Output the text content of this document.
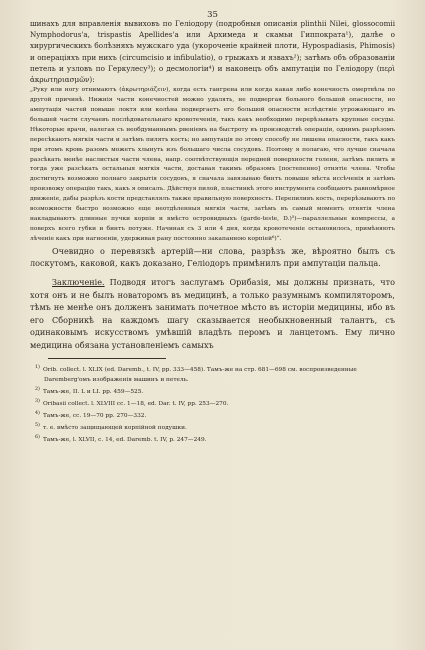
35

шинахъ для вправленія вывиховъ по Геліодору (подробныя описанія plinthii Nilei, glossocomii Nymphodorus'a, trispastis Apellides'a или Архимеда и скамьи Гиппократа¹), далѣе о хирургическихъ болѣзняхъ мужскаго уда (укороченіе крайней плоти, Hypospadiasis, Phimosis) и операціяхъ при нихъ (circumcisio и infibulatio), о грыжахъ и язвахъ²); затѣмъ объ образованіи петель и узловъ по Геркулесу³); о десмологіи⁴) и наконецъ объ ампутаціи по Геліодору (περὶ ἀκρωτηριασμῶν):

„Руку или ногу отнимаютъ (ἀκρωτηριάζειν), когда есть гангрена или когда какая либо конечность омертвѣла по другой причинѣ. Нижнія части конечностей можно удалять, не подвергая больного большой опасности, но ампутація частей повыше локтя или колѣна подвергаетъ его большой опасности вслѣдствіе угрожающаго въ большей части случаевъ послѣдовательнаго кровотеченія, такъ какъ необходимо перерѣзывать крупные сосуды. Нѣкоторые врачи, налегая съ необдуманнымъ рвеніемъ на быстроту въ производствѣ операціи, однимъ разрѣзомъ пересѣкаютъ мягкія части и затѣмъ пилятъ кость; но ампутація по этому способу не лишена опасности, такъ какъ при этомъ кровь разомъ можетъ хлынуть изъ большаго числа сосудовъ. Поэтому я полагаю, что лучше сначала разсѣкать менѣе наслистыя части члена, напр. соотвѣтствующія передней поверхности голени, затѣмъ пилить и тогда уже разсѣкать остальныя мягкія части, доставая такимъ образомъ [постепенно] отнятіе члена. Чтобы достигнуть возможно полнаго закрытія сосудовъ, я сначала завязываю бинтъ повыше мѣста иссѣченія и затѣмъ произвожу операцію такъ, какъ я описалъ. Дѣйствуя пилой, пластинкѣ этого инструмента сообщаютъ равномѣрное движеніе, дабы разрѣзъ кости представлялъ также правильную поверхность. Перепиливъ кость, перерѣзываютъ по возможности быстро возможно еще неотдѣленныя мягкія части, затѣмъ въ самый моментъ отнятія члена накладываютъ длинные пучки корпіи и вмѣсто островидныхъ (garde-teste, D.)⁵)—параллельные компрессы, а поверхъ всего губки и бинтъ потуже. Начиная съ 3 или 4 дня, когда кровотеченіе остановилось, примѣняютъ лѣченіе какъ при нагноеніи, удерживая рану постоянно закапанною корпіей⁶)“.

Очевидно о перевязкѣ артерій—ни слова, разрѣзъ же, вѣроятно былъ съ лоскутомъ, каковой, какъ доказано, Геліодоръ примѣнилъ при ампутаціи пальца.

Заключеніе. Подводя итогъ заслугамъ Орибазія, мы должны признать, что хотя онъ и не былъ новаторомъ въ медицинѣ, а только разумнымъ компиляторомъ, тѣмъ не менѣе онъ долженъ занимать почетное мѣсто въ исторіи медицины, ибо въ его Сборникѣ на каждомъ шагу сказывается необыкновенный талантъ, съ одинаковымъ искусствомъ умѣвшій владѣть перомъ и ланцетомъ. Ему лично медицина обязана установленіемъ самыхъ

$^{1)}$ Orib. collect. l. XLIX (ed. Daremb., t. IV, pp. 333—458). Тамъ-же на стр. 681—698 см. воспроизведенные Daremberg'омъ изображенія машинъ и петель.

$^{2)}$ Тамъ-же, II. L и LI. pp. 459—525.

$^{3)}$ Oribasii collect. l. XLVIII cc. 1—18, ed. Dar. t. IV, pp. 253—270.

$^{4)}$ Тамъ-же, cc. 19—70 pp. 270—332.

$^{5)}$ т. е. вмѣсто защищающей корпійной подушки.

$^{6)}$ Тамъ-же, l. XLVII, c. 14, ed. Daremb. t. IV, p. 247—249.
